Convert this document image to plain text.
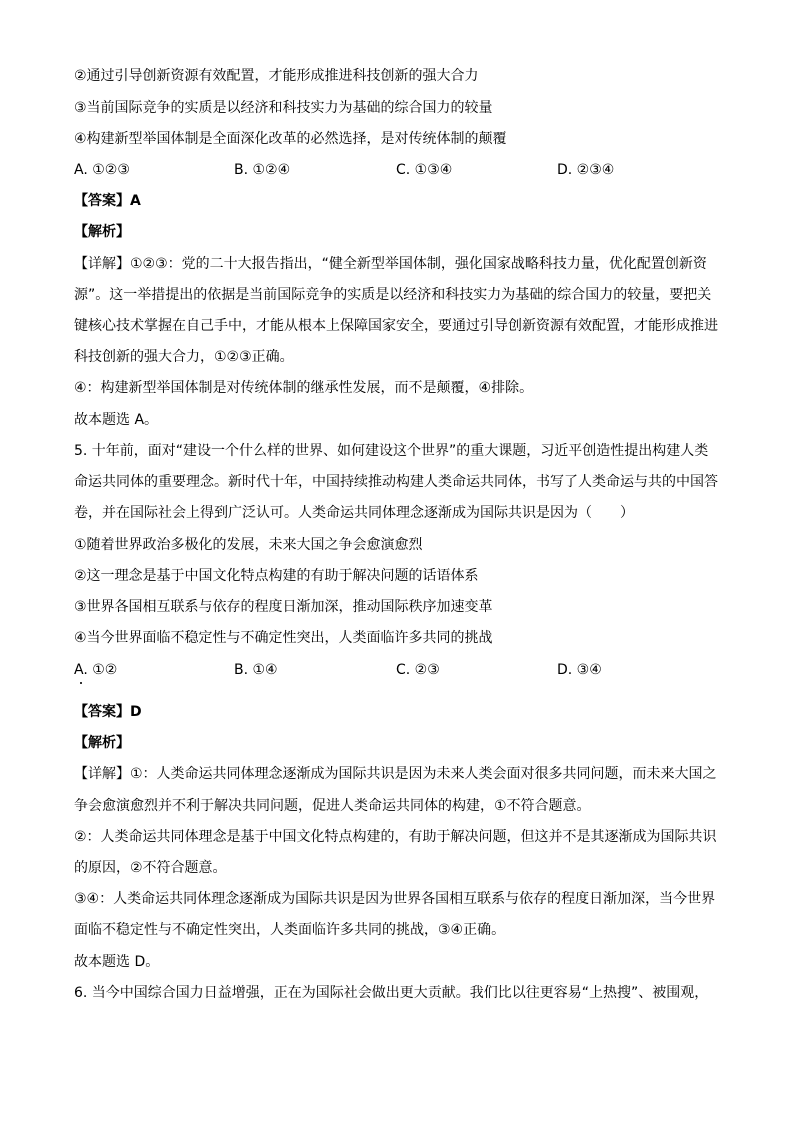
②通过引导创新资源有效配置，才能形成推进科技创新的强大合力
③当前国际竞争的实质是以经济和科技实力为基础的综合国力的较量
④构建新型举国体制是全面深化改革的必然选择，是对传统体制的颠覆
A. ①②③	B. ①②④	C. ①③④	D. ②③④
【答案】A
【解析】
【详解】①②③：党的二十大报告指出，“健全新型举国体制，强化国家战略科技力量，优化配置创新资
源”。这一举措提出的依据是当前国际竞争的实质是以经济和科技实力为基础的综合国力的较量，要把关
键核心技术掌握在自己手中，才能从根本上保障国家安全，要通过引导创新资源有效配置，才能形成推进
科技创新的强大合力，①②③正确。
④：构建新型举国体制是对传统体制的继承性发展，而不是颠覆，④排除。
故本题选 A。
5. 十年前，面对“建设一个什么样的世界、如何建设这个世界”的重大课题，习近平创造性提出构建人类
命运共同体的重要理念。新时代十年，中国持续推动构建人类命运共同体，书写了人类命运与共的中国答
卷，并在国际社会上得到广泛认可。人类命运共同体理念逐渐成为国际共识是因为（　　）
①随着世界政治多极化的发展，未来大国之争会愈演愈烈
②这一理念是基于中国文化特点构建的有助于解决问题的话语体系
③世界各国相互联系与依存的程度日渐加深，推动国际秩序加速变革
④当今世界面临不稳定性与不确定性突出，人类面临许多共同的挑战
A. ①②	B. ①④	C. ②③	D. ③④
【答案】D
【解析】
【详解】①：人类命运共同体理念逐渐成为国际共识是因为未来人类会面对很多共同问题，而未来大国之
争会愈演愈烈并不利于解决共同问题，促进人类命运共同体的构建，①不符合题意。
②：人类命运共同体理念是基于中国文化特点构建的，有助于解决问题，但这并不是其逐渐成为国际共识
的原因，②不符合题意。
③④：人类命运共同体理念逐渐成为国际共识是因为世界各国相互联系与依存的程度日渐加深，当今世界
面临不稳定性与不确定性突出，人类面临许多共同的挑战，③④正确。
故本题选 D。
6. 当今中国综合国力日益增强，正在为国际社会做出更大贡献。我们比以往更容易“上热搜”、被围观，
